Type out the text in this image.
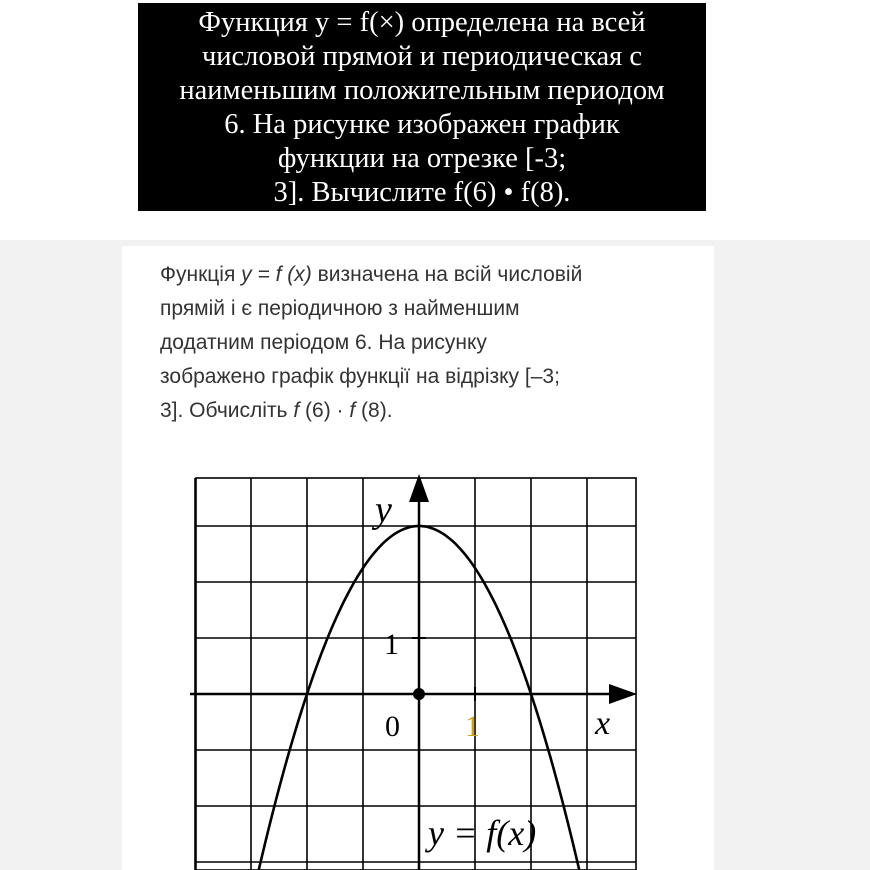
Функция y = f(×) определена на всей
числовой прямой и периодическая с
наименьшим положительным периодом
6. На рисунке изображен график
функции на отрезке [-3;
3]. Вычислите f(6) • f(8).
Функція y = f (x) визначена на всій числовій
прямій і є періодичною з найменшим
додатним періодом 6. На рисунку
зображено графік функції на відрізку [–3;
3]. Обчисліть f (6) · f (8).
y
x
0 1
1
y = f(x)
